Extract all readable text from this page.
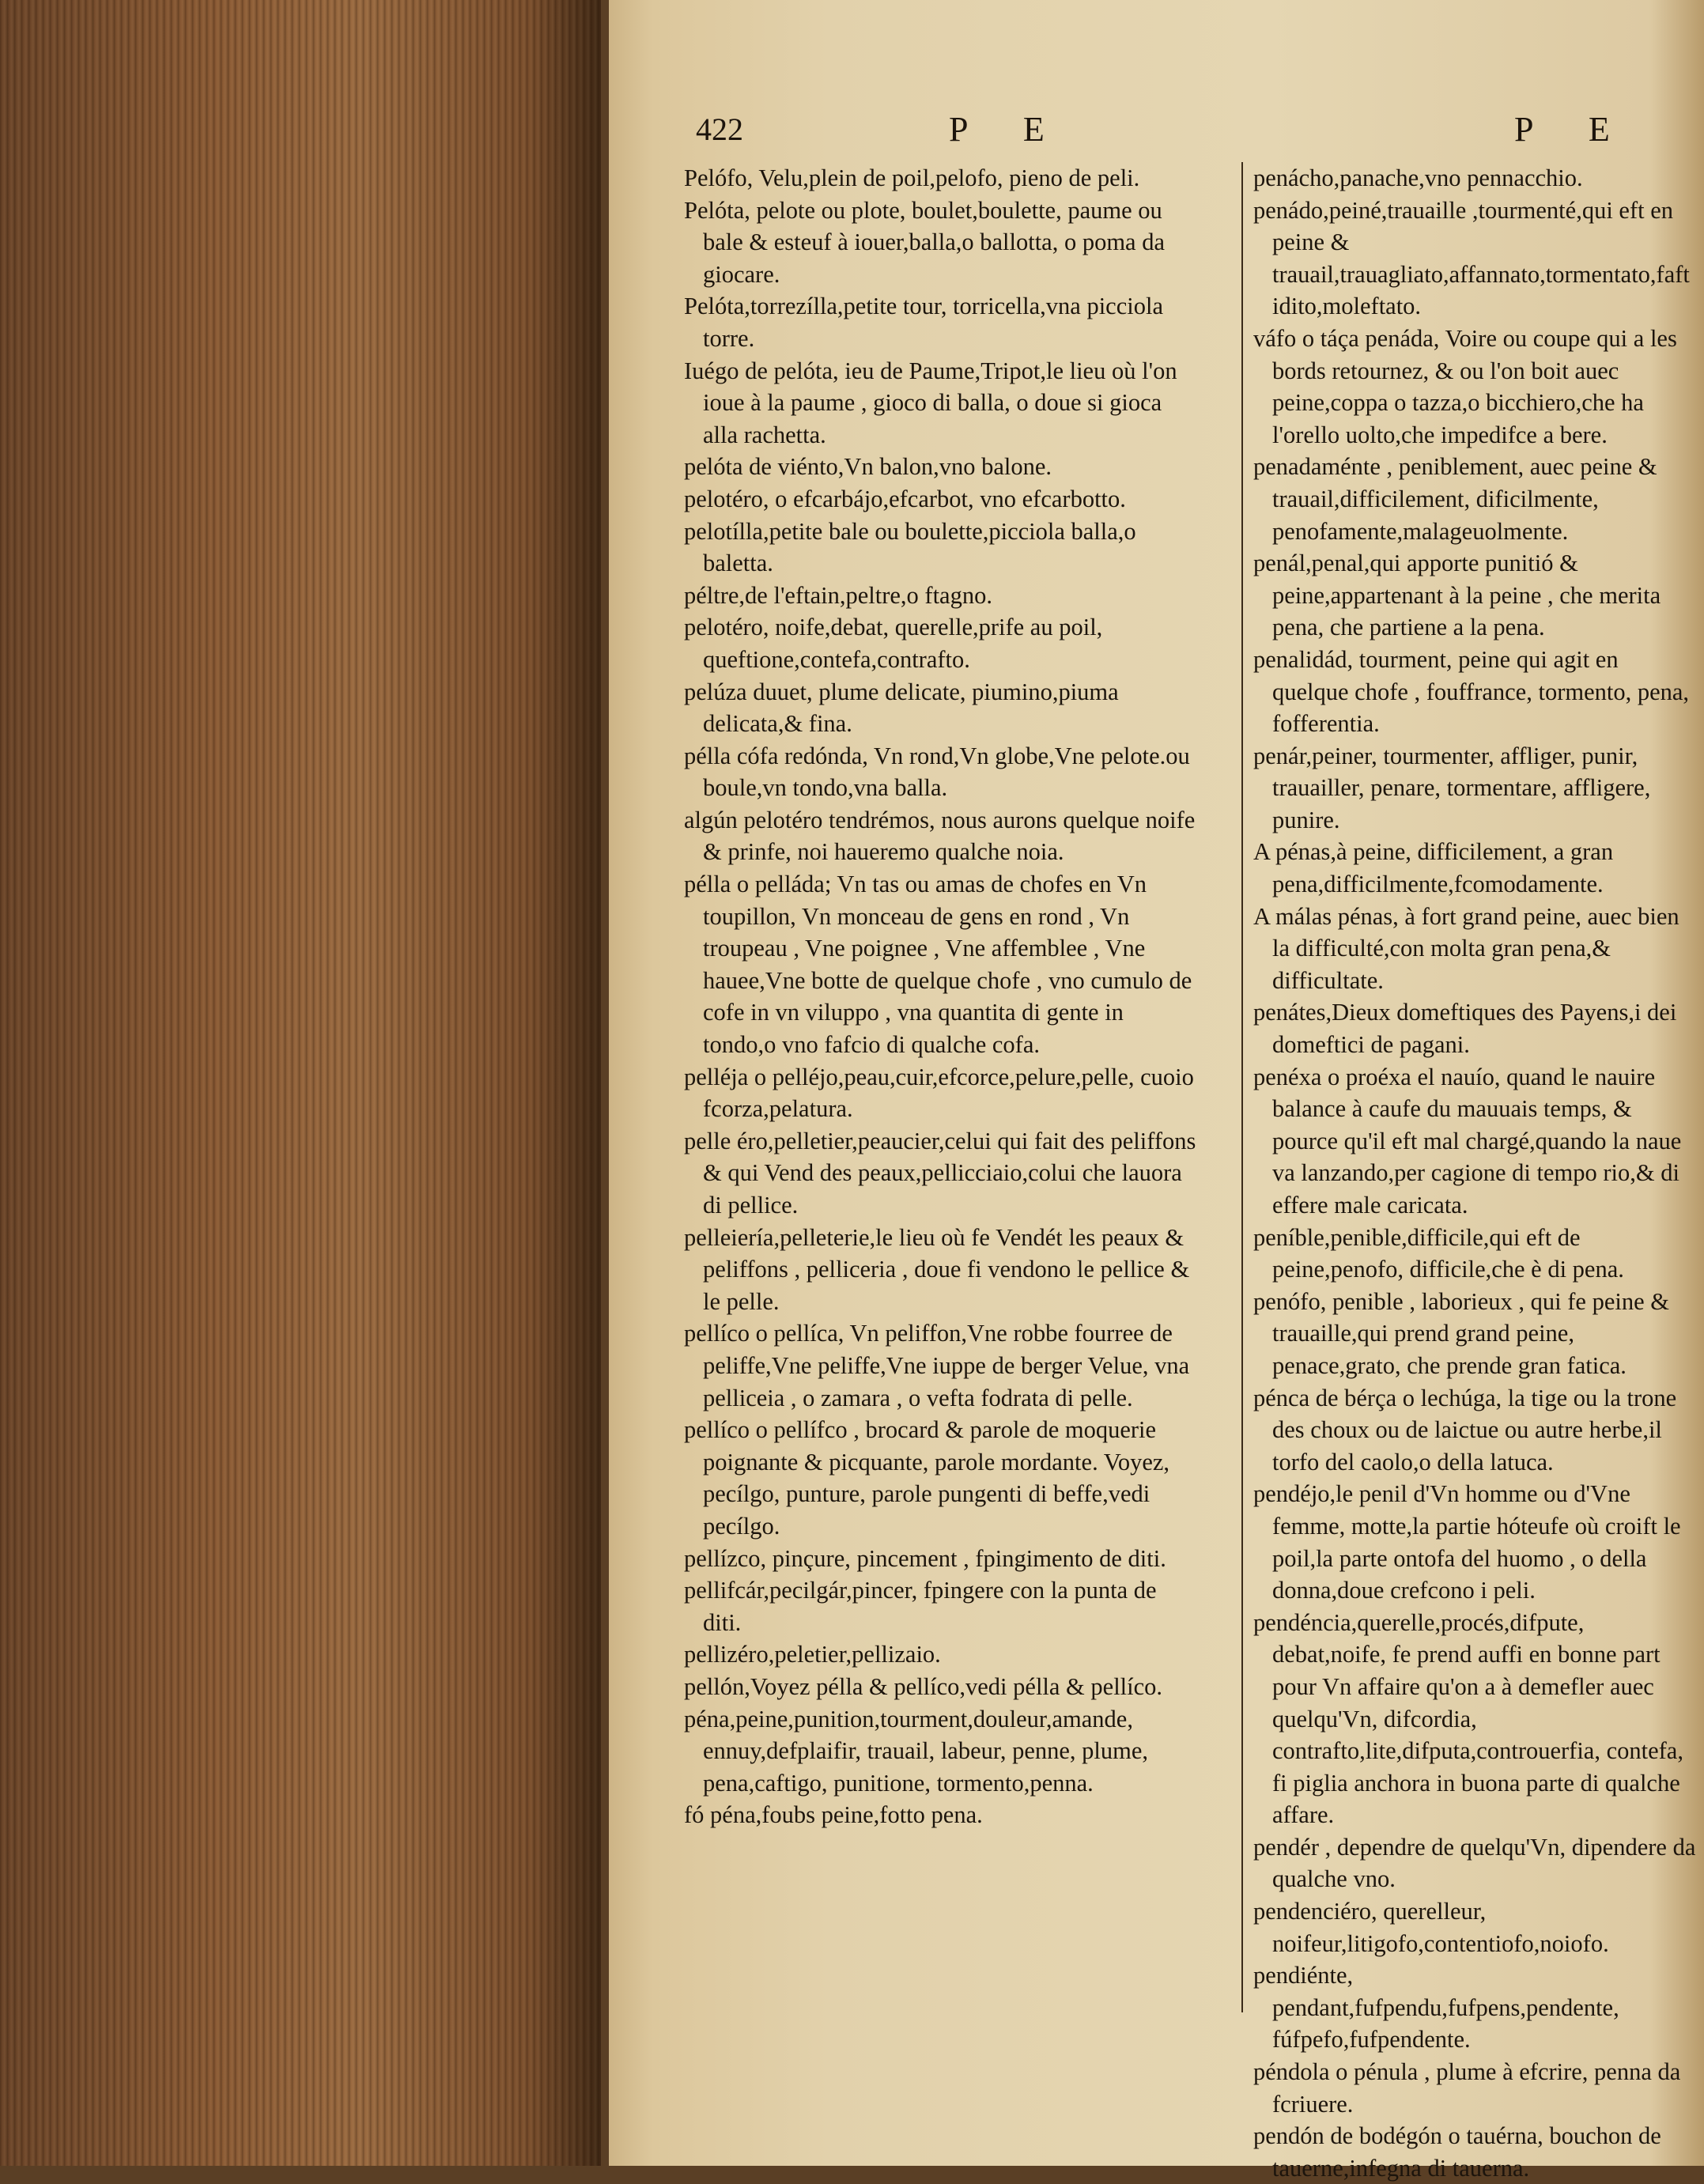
422	P E	P E
Pelófo, Velu,plein de poil,pelofo, pieno de peli.
Pelóta, pelote ou plote, boulet,boulette, paume ou bale & esteuf à iouer,balla,o ballotta, o poma da giocare.
Pelóta,torrezílla,petite tour, torricella,vna picciola torre.
Iuégo de pelóta, ieu de Paume,Tripot,le lieu où l'on ioue à la paume , gioco di balla, o doue si gioca alla rachetta.
pelóta de viénto,Vn balon,vno balone.
pelotéro, o efcarbájo,efcarbot, vno efcarbotto.
pelotílla,petite bale ou boulette,picciola balla,o baletta.
péltre,de l'eftain,peltre,o ftagno.
pelotéro, noife,debat, querelle,prife au poil, queftione,contefa,contrafto.
pelúza duuet, plume delicate, piumino,piuma delicata,& fina.
pélla cófa redónda, Vn rond,Vn globe,Vne pelote.ou boule,vn tondo,vna balla.
algún pelotéro tendrémos, nous aurons quelque noife & prinfe, noi haueremo qualche noia.
pélla o pelláda; Vn tas ou amas de chofes en Vn toupillon, Vn monceau de gens en rond , Vn troupeau , Vne poignee , Vne affemblee , Vne hauee,Vne botte de quelque chofe , vno cumulo de cofe in vn viluppo , vna quantita di gente in tondo,o vno fafcio di qualche cofa.
pelléja o pelléjo,peau,cuir,efcorce,pelure,pelle, cuoio fcorza,pelatura.
pelle éro,pelletier,peaucier,celui qui fait des peliffons & qui Vend des peaux,pellicciaio,colui che lauora di pellice.
pelleiería,pelleterie,le lieu où fe Vendét les peaux & peliffons , pelliceria , doue fi vendono le pellice & le pelle.
pellíco o pellíca, Vn peliffon,Vne robbe fourree de peliffe,Vne peliffe,Vne iuppe de berger Velue, vna pelliceia , o zamara , o vefta fodrata di pelle.
pellíco o pellífco , brocard & parole de moquerie poignante & picquante, parole mordante. Voyez, pecílgo, punture, parole pungenti di beffe,vedi pecílgo.
pellízco, pinçure, pincement , fpingimento de diti.
pellifcár,pecilgár,pincer, fpingere con la punta de diti.
pellizéro,peletier,pellizaio.
pellón,Voyez pélla & pellíco,vedi pélla & pellíco.
péna,peine,punition,tourment,douleur,amande, ennuy,defplaifir, trauail, labeur, penne, plume, pena,caftigo, punitione, tormento,penna.
fó péna,foubs peine,fotto pena.
penácho,panache,vno pennacchio.
penádo,peiné,trauaille ,tourmenté,qui eft en peine & trauail,trauagliato,affannato,tormentato,faftidito,moleftato.
váfo o táça penáda, Voire ou coupe qui a les bords retournez, & ou l'on boit auec peine,coppa o tazza,o bicchiero,che ha l'orello uolto,che impedifce a bere.
penadaménte , peniblement, auec peine & trauail,difficilement, dificilmente, penofamente,malageuolmente.
penál,penal,qui apporte punitió & peine,appartenant à la peine , che merita pena, che partiene a la pena.
penalidád, tourment, peine qui agit en quelque chofe , fouffrance, tormento, pena, fofferentia.
penár,peiner, tourmenter, affliger, punir, trauailler, penare, tormentare, affligere, punire.
A pénas,à peine, difficilement, a gran pena,difficilmente,fcomodamente.
A málas pénas, à fort grand peine, auec bien la difficulté,con molta gran pena,& difficultate.
penátes,Dieux domeftiques des Payens,i dei domeftici de pagani.
penéxa o proéxa el nauío, quand le nauire balance à caufe du mauuais temps, & pource qu'il eft mal chargé,quando la naue va lanzando,per cagione di tempo rio,& di effere male caricata.
peníble,penible,difficile,qui eft de peine,penofo, difficile,che è di pena.
penófo, penible , laborieux , qui fe peine & trauaille,qui prend grand peine, penace,grato, che prende gran fatica.
pénca de bérça o lechúga, la tige ou la trone des choux ou de laictue ou autre herbe,il torfo del caolo,o della latuca.
pendéjo,le penil d'Vn homme ou d'Vne femme, motte,la partie hóteufe où croift le poil,la parte ontofa del huomo , o della donna,doue crefcono i peli.
pendéncia,querelle,procés,difpute, debat,noife, fe prend auffi en bonne part pour Vn affaire qu'on a à demefler auec quelqu'Vn, difcordia, contrafto,lite,difputa,controuerfia, contefa, fi piglia anchora in buona parte di qualche affare.
pendér , dependre de quelqu'Vn, dipendere da qualche vno.
pendenciéro, querelleur, noifeur,litigofo,contentiofo,noiofo.
pendiénte, pendant,fufpendu,fufpens,pendente, fúfpefo,fufpendente.
péndola o pénula , plume à efcrire, penna da fcriuere.
pendón de bodégón o tauérna, bouchon de tauerne,infegna di tauerna.
